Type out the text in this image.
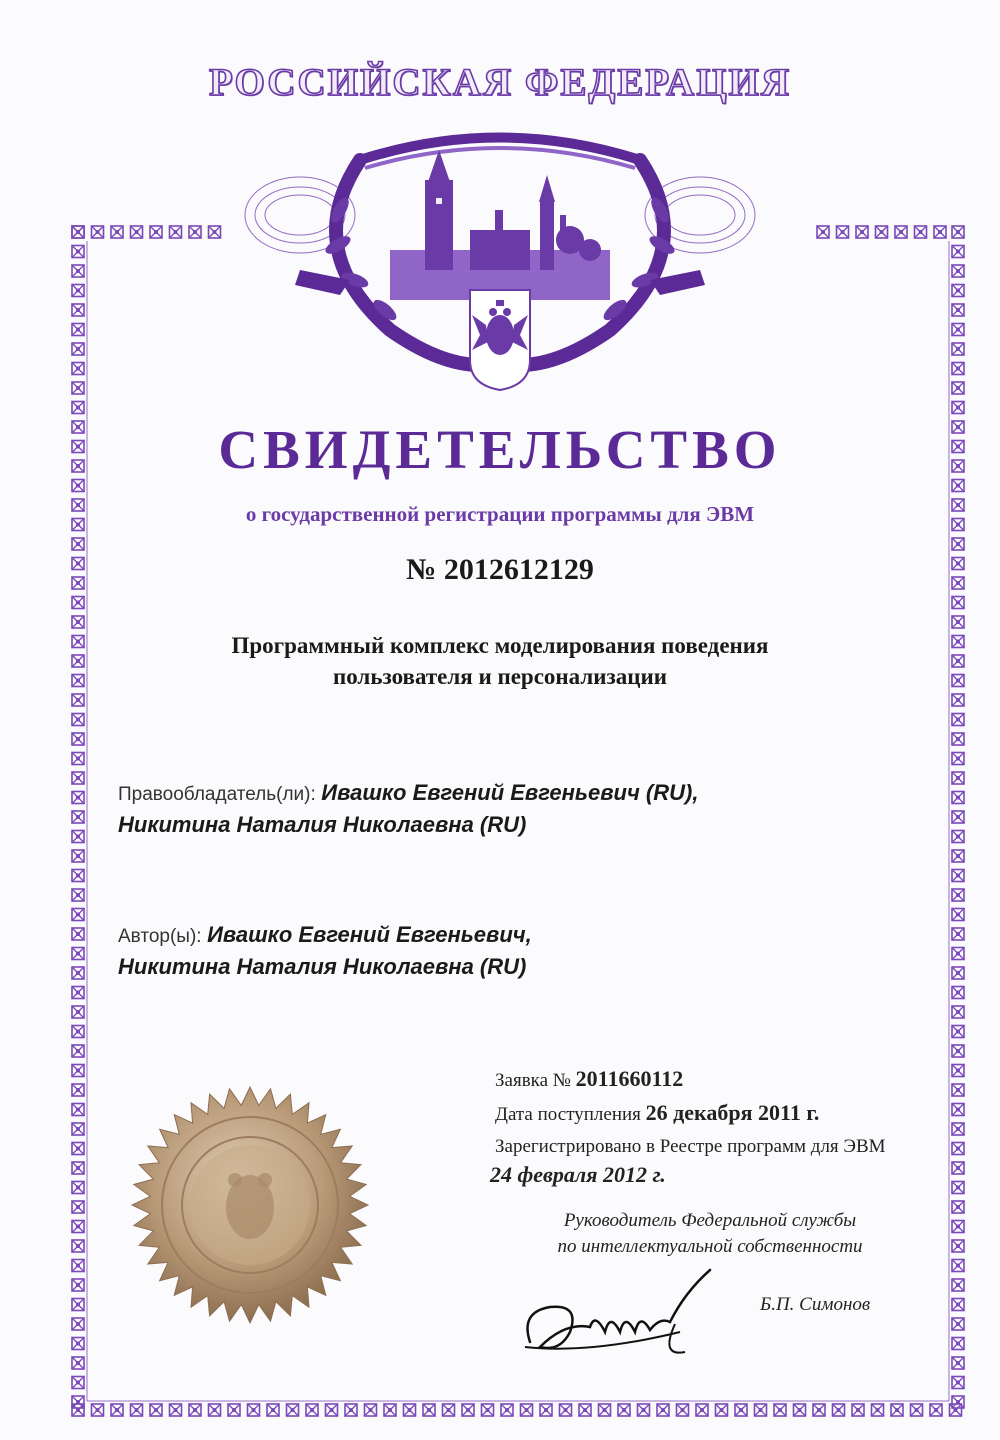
РОССИЙСКАЯ ФЕДЕРАЦИЯ
СВИДЕТЕЛЬСТВО
о государственной регистрации программы для ЭВМ
№ 2012612129
Программный комплекс моделирования поведения
пользователя и персонализации
Правообладатель(ли): Ивашко Евгений Евгеньевич (RU),
Никитина Наталия Николаевна (RU)
Автор(ы): Ивашко Евгений Евгеньевич,
Никитина Наталия Николаевна (RU)
Заявка № 2011660112
Дата поступления 26 декабря 2011 г.
Зарегистрировано в Реестре программ для ЭВМ
24 февраля 2012 г.
Руководитель Федеральной службы
по интеллектуальной собственности
Б.П. Симонов
